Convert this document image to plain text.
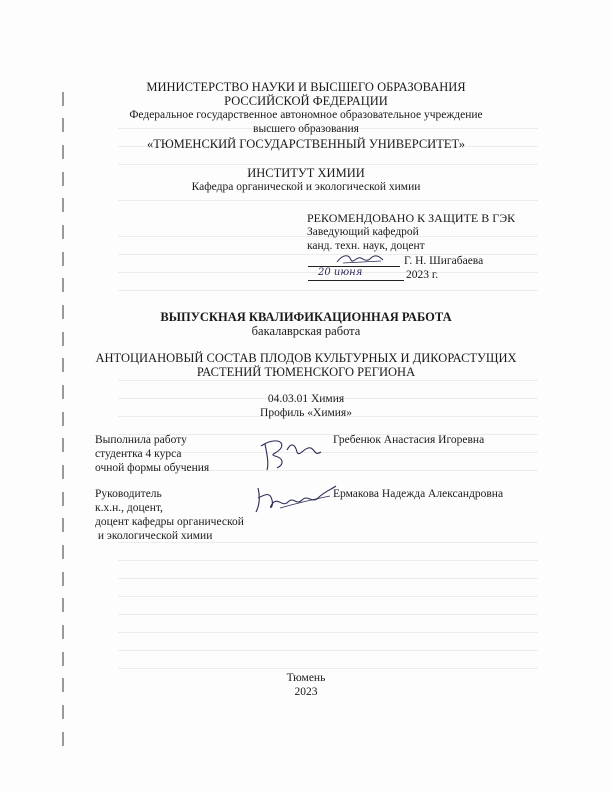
МИНИСТЕРСТВО НАУКИ И ВЫСШЕГО ОБРАЗОВАНИЯ
РОССИЙСКОЙ ФЕДЕРАЦИИ
Федеральное государственное автономное образовательное учреждение
высшего образования
«ТЮМЕНСКИЙ ГОСУДАРСТВЕННЫЙ УНИВЕРСИТЕТ»
ИНСТИТУТ ХИМИИ
Кафедра органической и экологической химии
РЕКОМЕНДОВАНО К ЗАЩИТЕ В ГЭК
Заведующий кафедрой
канд. техн. наук, доцент
Г. Н. Шигабаева
20 июня	2023 г.
ВЫПУСКНАЯ КВАЛИФИКАЦИОННАЯ РАБОТА
бакалаврская работа
АНТОЦИАНОВЫЙ СОСТАВ ПЛОДОВ КУЛЬТУРНЫХ И ДИКОРАСТУЩИХ
РАСТЕНИЙ ТЮМЕНСКОГО РЕГИОНА
04.03.01 Химия
Профиль «Химия»
Выполнила работу
студентка 4 курса
очной формы обучения
Гребенюк Анастасия Игоревна
Руководитель
к.х.н., доцент,
доцент кафедры органической
и экологической химии
Ермакова Надежда Александровна
Тюмень
2023
